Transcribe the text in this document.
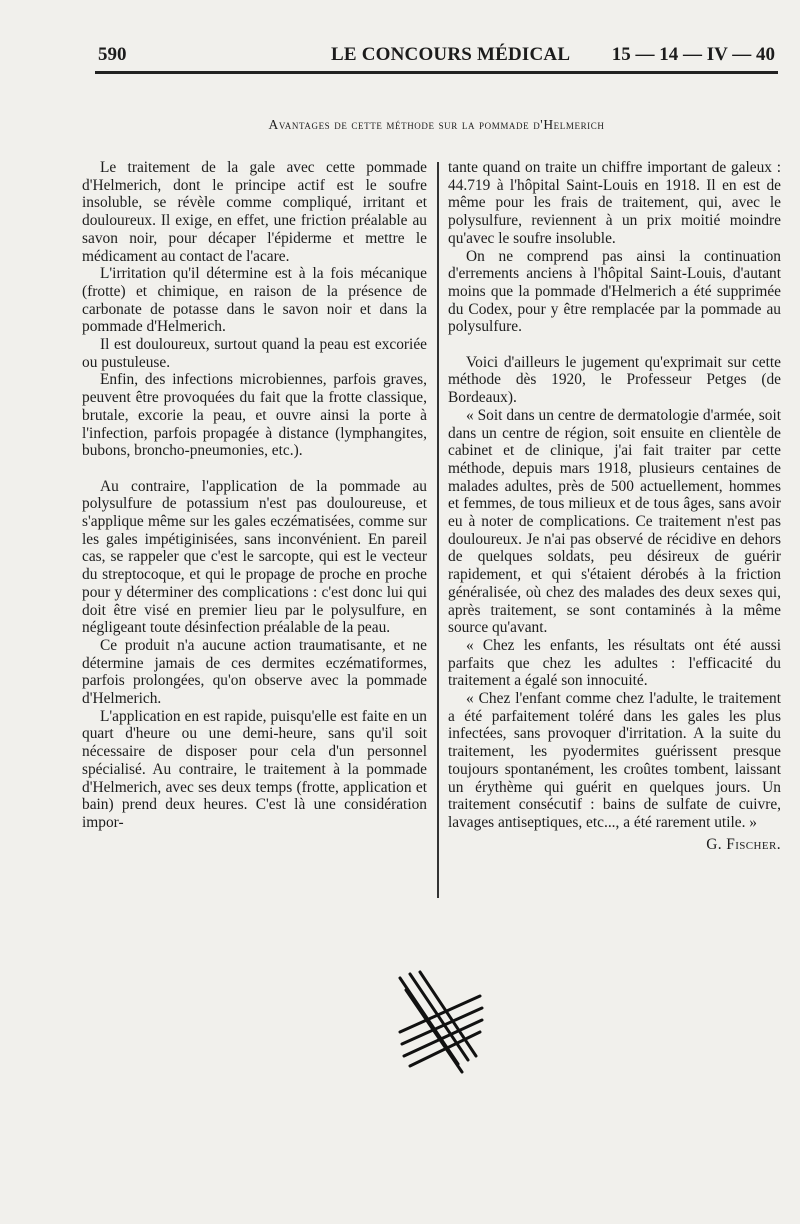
590	LE CONCOURS MÉDICAL 15 — 14 — IV — 40
Avantages de cette méthode sur la pommade d'Helmerich

Le traitement de la gale avec cette pommade d'Helmerich, dont le principe actif est le soufre insoluble, se révèle comme compliqué, irritant et douloureux. Il exige, en effet, une friction préalable au savon noir, pour décaper l'épiderme et mettre le médicament au contact de l'acare.

L'irritation qu'il détermine est à la fois mécanique (frotte) et chimique, en raison de la présence de carbonate de potasse dans le savon noir et dans la pommade d'Helmerich.

Il est douloureux, surtout quand la peau est excoriée ou pustuleuse.

Enfin, des infections microbiennes, parfois graves, peuvent être provoquées du fait que la frotte classique, brutale, excorie la peau, et ouvre ainsi la porte à l'infection, parfois propagée à distance (lymphangites, bubons, broncho-pneumonies, etc.).

Au contraire, l'application de la pommade au polysulfure de potassium n'est pas douloureuse, et s'applique même sur les gales eczématisées, comme sur les gales impétiginisées, sans inconvénient. En pareil cas, se rappeler que c'est le sarcopte, qui est le vecteur du streptocoque, et qui le propage de proche en proche pour y déterminer des complications : c'est donc lui qui doit être visé en premier lieu par le polysulfure, en négligeant toute désinfection préalable de la peau.

Ce produit n'a aucune action traumatisante, et ne détermine jamais de ces dermites eczématiformes, parfois prolongées, qu'on observe avec la pommade d'Helmerich.

L'application en est rapide, puisqu'elle est faite en un quart d'heure ou une demi-heure, sans qu'il soit nécessaire de disposer pour cela d'un personnel spécialisé. Au contraire, le traitement à la pommade d'Helmerich, avec ses deux temps (frotte, application et bain) prend deux heures. C'est là une considération impor-

tante quand on traite un chiffre important de galeux : 44.719 à l'hôpital Saint-Louis en 1918. Il en est de même pour les frais de traitement, qui, avec le polysulfure, reviennent à un prix moitié moindre qu'avec le soufre insoluble.

On ne comprend pas ainsi la continuation d'errements anciens à l'hôpital Saint-Louis, d'autant moins que la pommade d'Helmerich a été supprimée du Codex, pour y être remplacée par la pommade au polysulfure.

Voici d'ailleurs le jugement qu'exprimait sur cette méthode dès 1920, le Professeur Petges (de Bordeaux).

« Soit dans un centre de dermatologie d'armée, soit dans un centre de région, soit ensuite en clientèle de cabinet et de clinique, j'ai fait traiter par cette méthode, depuis mars 1918, plusieurs centaines de malades adultes, près de 500 actuellement, hommes et femmes, de tous milieux et de tous âges, sans avoir eu à noter de complications. Ce traitement n'est pas douloureux. Je n'ai pas observé de récidive en dehors de quelques soldats, peu désireux de guérir rapidement, et qui s'étaient dérobés à la friction généralisée, où chez des malades des deux sexes qui, après traitement, se sont contaminés à la même source qu'avant.

« Chez les enfants, les résultats ont été aussi parfaits que chez les adultes : l'efficacité du traitement a égalé son innocuité.

« Chez l'enfant comme chez l'adulte, le traitement a été parfaitement toléré dans les gales les plus infectées, sans provoquer d'irritation. A la suite du traitement, les pyodermites guérissent presque toujours spontanément, les croûtes tombent, laissant un érythème qui guérit en quelques jours. Un traitement consécutif : bains de sulfate de cuivre, lavages antiseptiques, etc..., a été rarement utile. »

G. Fischer.
